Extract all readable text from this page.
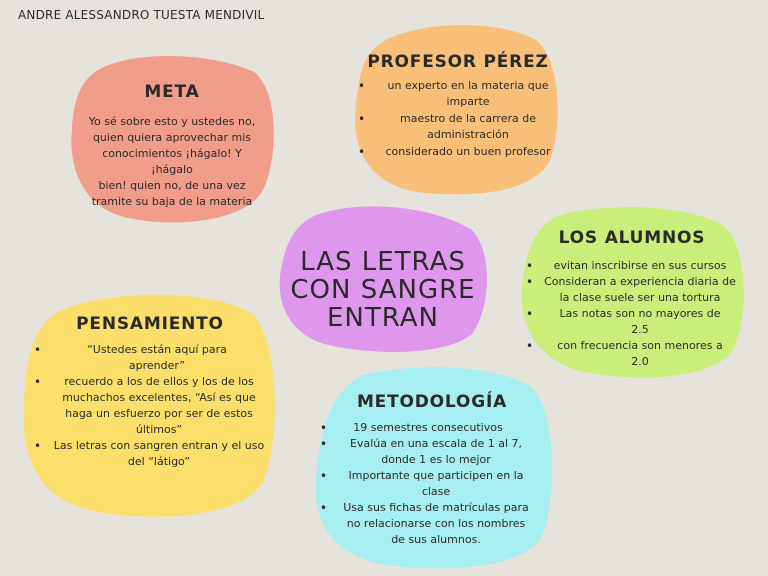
ANDRE ALESSANDRO TUESTA MENDIVIL

META

Yo sé sobre esto y ustedes no,

quien quiera aprovechar mis

conocimientos ¡hágalo! Y ¡hágalo

bien! quien no, de una vez

tramite su baja de la materia

PROFESOR PÉREZ

• un experto en la materia que imparte
• maestro de la carrera de administración
• considerado un buen profesor

LAS LETRAS

CON SANGRE

ENTRAN

LOS ALUMNOS

• evitan inscribirse en sus cursos
• Consideran a experiencia diaria de la clase suele ser una tortura
• Las notas son no mayores de 2.5
• con frecuencia son menores a 2.0

PENSAMIENTO

• “Ustedes están aquí para aprender”
• recuerdo a los de ellos y los de los muchachos excelentes, “Así es que haga un esfuerzo por ser de estos últimos”
• Las letras con sangren entran y el uso del “látigo”

METODOLOGÍA

• 19 semestres consecutivos
• Evalúa en una escala de 1 al 7, donde 1 es lo mejor
• Importante que participen en la clase
• Usa sus fichas de matrículas para no relacionarse con los nombres de sus alumnos.
